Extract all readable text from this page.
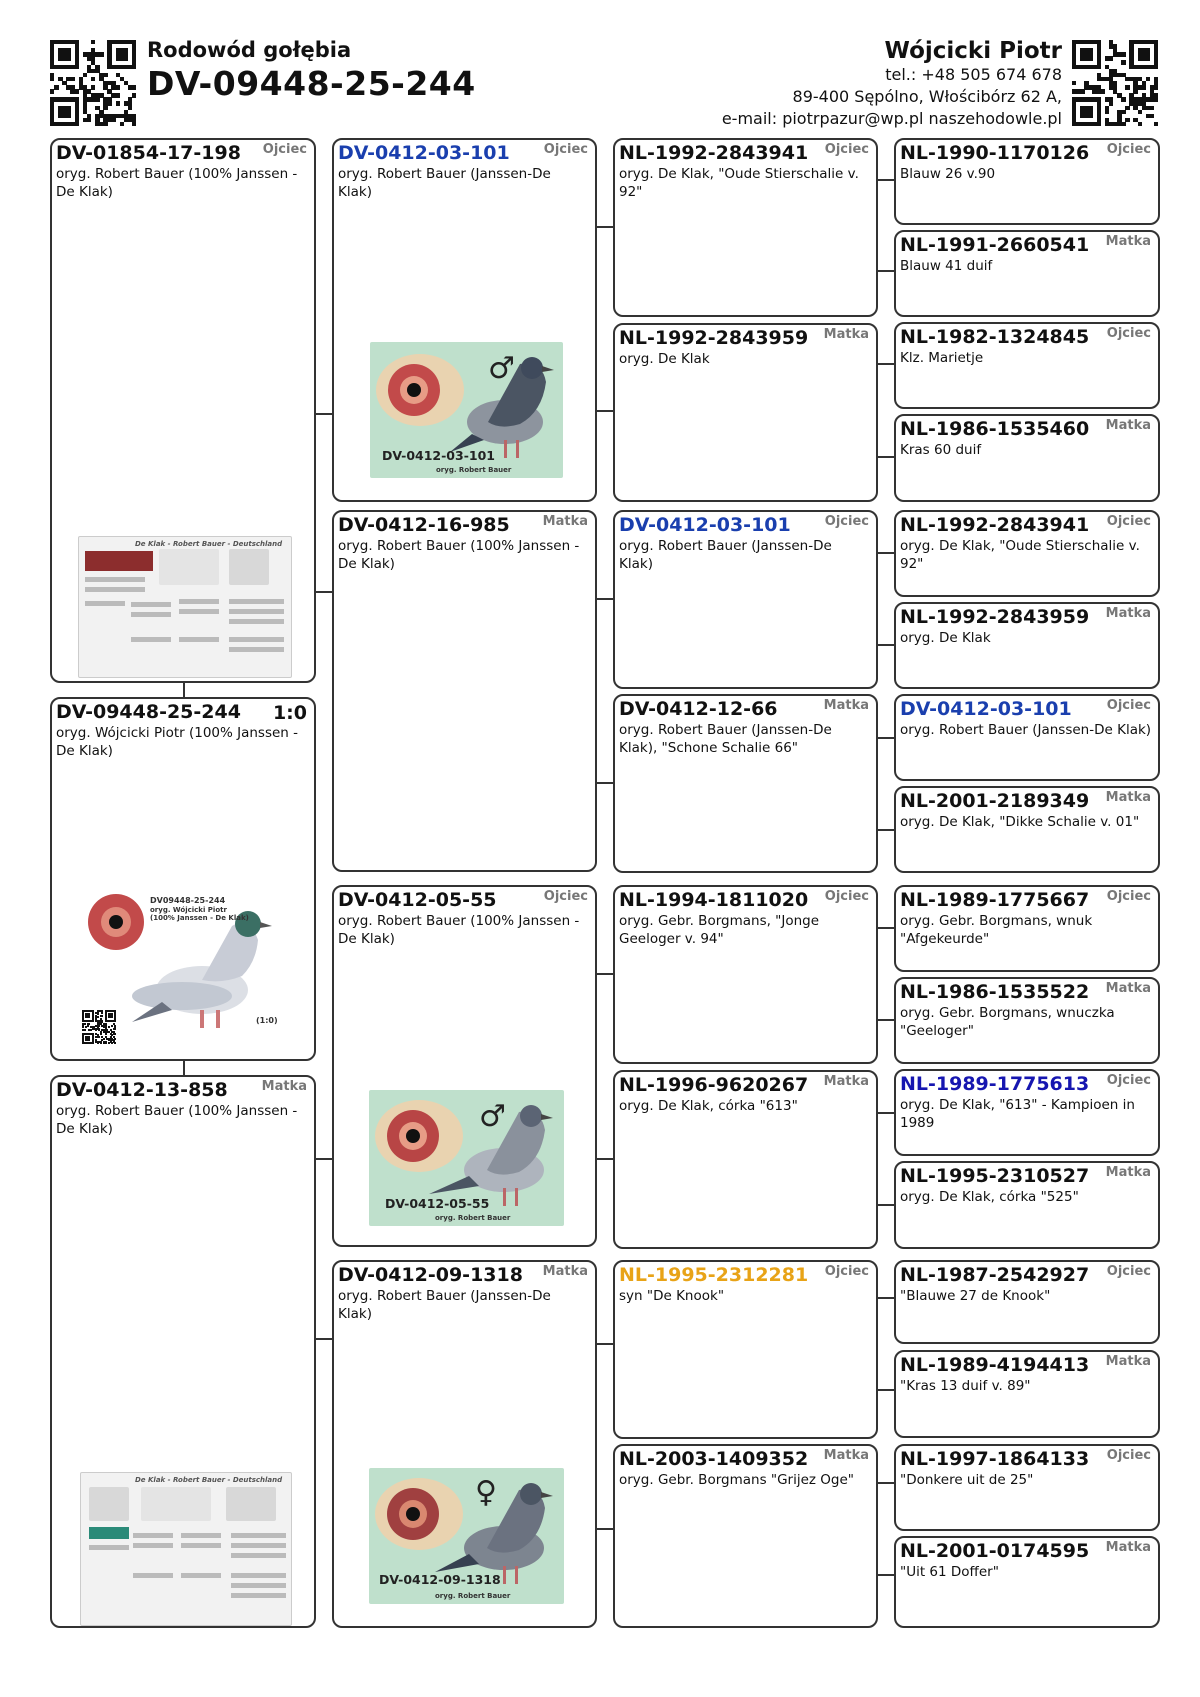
Rodowód gołębia
DV-09448-25-244
Wójcicki Piotr
tel.: +48 505 674 678
89-400 Sępólno, Włościbórz 62 A,
e-mail: piotrpazur@wp.pl naszehodowle.pl
DV-01854-17-198 Ojciec
oryg. Robert Bauer (100% Janssen - De Klak)
De Klak - Robert Bauer - Deutschland
DV-09448-25-244 1:0
oryg. Wójcicki Piotr (100% Janssen - De Klak)
DV09448-25-244
oryg. Wójcicki Piotr
(100% Janssen - De Klak)
(1:0)
DV-0412-13-858	Matka
oryg. Robert Bauer (100% Janssen - De Klak)
De Klak - Robert Bauer - Deutschland
DV-0412-03-101	Ojciec
oryg. Robert Bauer (Janssen-De Klak)
♂
DV-0412-03-101
oryg. Robert Bauer
DV-0412-16-985	Matka
oryg. Robert Bauer (100% Janssen - De Klak)
DV-0412-05-55	Ojciec
oryg. Robert Bauer (100% Janssen - De Klak)
♂
DV-0412-05-55
oryg. Robert Bauer
DV-0412-09-1318 Matka
oryg. Robert Bauer (Janssen-De Klak)
♀
DV-0412-09-1318
oryg. Robert Bauer
NL-1992-2843941 Ojciec
oryg. De Klak, "Oude Stierschalie v. 92"
NL-1992-2843959 Matka
oryg. De Klak
DV-0412-03-101	Ojciec
oryg. Robert Bauer (Janssen-De Klak)
DV-0412-12-66	Matka
oryg. Robert Bauer (Janssen-De Klak), "Schone Schalie 66"
NL-1994-1811020 Ojciec
oryg. Gebr. Borgmans, "Jonge Geeloger v. 94"
NL-1996-9620267 Matka
oryg. De Klak, córka "613"
NL-1995-2312281 Ojciec
syn "De Knook"
NL-2003-1409352 Matka
oryg. Gebr. Borgmans "Grijez Oge"
NL-1990-1170126 Ojciec
Blauw 26 v.90
NL-1991-2660541 Matka
Blauw 41 duif
NL-1982-1324845 Ojciec
Klz. Marietje
NL-1986-1535460 Matka
Kras 60 duif
NL-1992-2843941 Ojciec
oryg. De Klak, "Oude Stierschalie v. 92"
NL-1992-2843959 Matka
oryg. De Klak
DV-0412-03-101	Ojciec
oryg. Robert Bauer (Janssen-De Klak)
NL-2001-2189349 Matka
oryg. De Klak, "Dikke Schalie v. 01"
NL-1989-1775667 Ojciec
oryg. Gebr. Borgmans, wnuk "Afgekeurde"
NL-1986-1535522 Matka
oryg. Gebr. Borgmans, wnuczka "Geeloger"
NL-1989-1775613 Ojciec
oryg. De Klak, "613" - Kampioen in 1989
NL-1995-2310527 Matka
oryg. De Klak, córka "525"
NL-1987-2542927 Ojciec
"Blauwe 27 de Knook"
NL-1989-4194413 Matka
"Kras 13 duif v. 89"
NL-1997-1864133 Ojciec
"Donkere uit de 25"
NL-2001-0174595 Matka
"Uit 61 Doffer"
